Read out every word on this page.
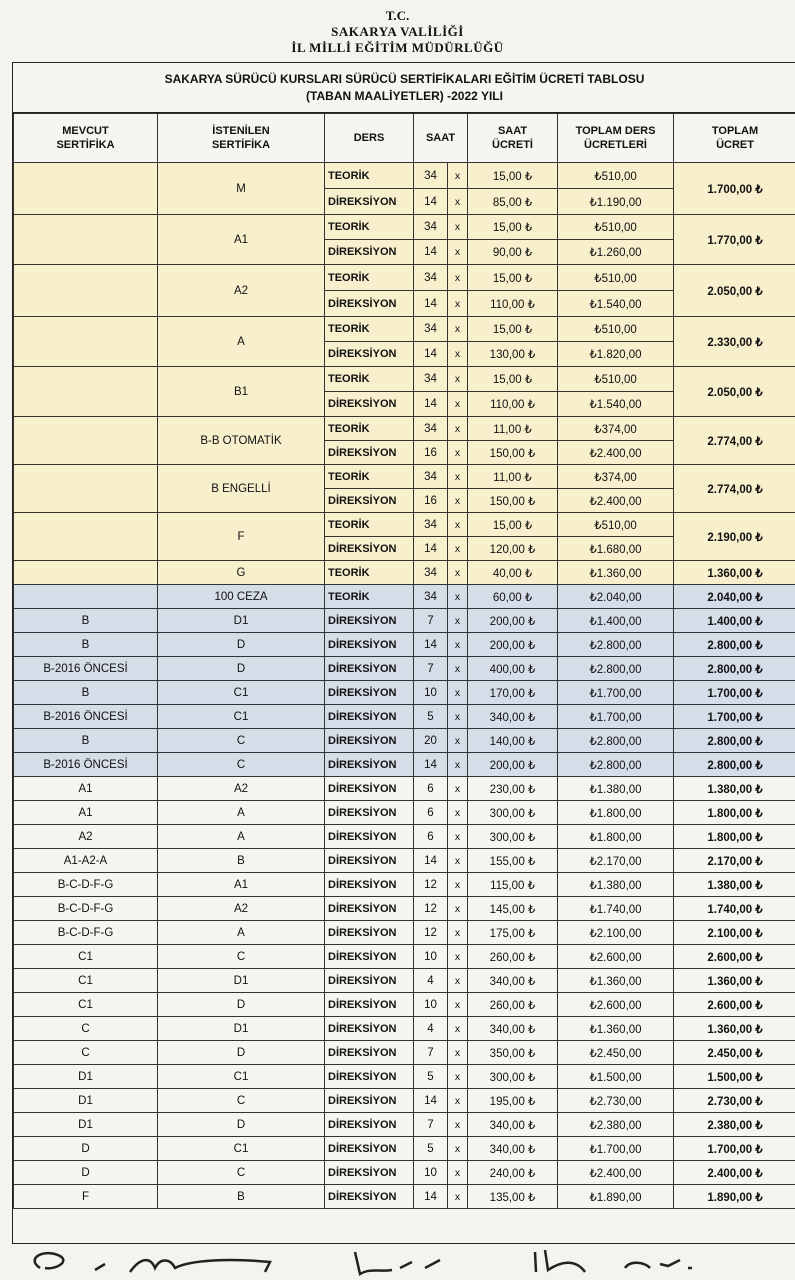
T.C.
SAKARYA VALİLİĞİ
İL MİLLİ EĞİTİM MÜDÜRLÜĞÜ
SAKARYA SÜRÜCÜ KURSLARI SÜRÜCÜ SERTİFİKALARI EĞİTİM ÜCRETİ TABLOSU
(TABAN MAALİYETLER) -2022 YILI
MEVCUT SERTİFİKA	İSTENİLEN SERTİFİKA	DERS	SAAT		SAAT ÜCRETİ	TOPLAM DERS ÜCRETLERİ	TOPLAM ÜCRET
	M	TEORİK	34	x	15,00 ₺	₺510,00	1.700,00 ₺
		DİREKSİYON	14	x	85,00 ₺	₺1.190,00	
	A1	TEORİK	34	x	15,00 ₺	₺510,00	1.770,00 ₺
		DİREKSİYON	14	x	90,00 ₺	₺1.260,00	
	A2	TEORİK	34	x	15,00 ₺	₺510,00	2.050,00 ₺
		DİREKSİYON	14	x	110,00 ₺	₺1.540,00	
	A	TEORİK	34	x	15,00 ₺	₺510,00	2.330,00 ₺
		DİREKSİYON	14	x	130,00 ₺	₺1.820,00	
	B1	TEORİK	34	x	15,00 ₺	₺510,00	2.050,00 ₺
		DİREKSİYON	14	x	110,00 ₺	₺1.540,00	
	B-B OTOMATİK	TEORİK	34	x	11,00 ₺	₺374,00	2.774,00 ₺
		DİREKSİYON	16	x	150,00 ₺	₺2.400,00	
	B ENGELLİ	TEORİK	34	x	11,00 ₺	₺374,00	2.774,00 ₺
		DİREKSİYON	16	x	150,00 ₺	₺2.400,00	
	F	TEORİK	34	x	15,00 ₺	₺510,00	2.190,00 ₺
		DİREKSİYON	14	x	120,00 ₺	₺1.680,00	
	G	TEORİK	34	x	40,00 ₺	₺1.360,00	1.360,00 ₺
	100 CEZA	TEORİK	34	x	60,00 ₺	₺2.040,00	2.040,00 ₺
B	D1	DİREKSİYON	7	x	200,00 ₺	₺1.400,00	1.400,00 ₺
B	D	DİREKSİYON	14	x	200,00 ₺	₺2.800,00	2.800,00 ₺
B-2016 ÖNCESİ	D	DİREKSİYON	7	x	400,00 ₺	₺2.800,00	2.800,00 ₺
B	C1	DİREKSİYON	10	x	170,00 ₺	₺1.700,00	1.700,00 ₺
B-2016 ÖNCESİ	C1	DİREKSİYON	5	x	340,00 ₺	₺1.700,00	1.700,00 ₺
B	C	DİREKSİYON	20	x	140,00 ₺	₺2.800,00	2.800,00 ₺
B-2016 ÖNCESİ	C	DİREKSİYON	14	x	200,00 ₺	₺2.800,00	2.800,00 ₺
A1	A2	DİREKSİYON	6	x	230,00 ₺	₺1.380,00	1.380,00 ₺
A1	A	DİREKSİYON	6	x	300,00 ₺	₺1.800,00	1.800,00 ₺
A2	A	DİREKSİYON	6	x	300,00 ₺	₺1.800,00	1.800,00 ₺
A1-A2-A	B	DİREKSİYON	14	x	155,00 ₺	₺2.170,00	2.170,00 ₺
B-C-D-F-G	A1	DİREKSİYON	12	x	115,00 ₺	₺1.380,00	1.380,00 ₺
B-C-D-F-G	A2	DİREKSİYON	12	x	145,00 ₺	₺1.740,00	1.740,00 ₺
B-C-D-F-G	A	DİREKSİYON	12	x	175,00 ₺	₺2.100,00	2.100,00 ₺
C1	C	DİREKSİYON	10	x	260,00 ₺	₺2.600,00	2.600,00 ₺
C1	D1	DİREKSİYON	4	x	340,00 ₺	₺1.360,00	1.360,00 ₺
C1	D	DİREKSİYON	10	x	260,00 ₺	₺2.600,00	2.600,00 ₺
C	D1	DİREKSİYON	4	x	340,00 ₺	₺1.360,00	1.360,00 ₺
C	D	DİREKSİYON	7	x	350,00 ₺	₺2.450,00	2.450,00 ₺
D1	C1	DİREKSİYON	5	x	300,00 ₺	₺1.500,00	1.500,00 ₺
D1	C	DİREKSİYON	14	x	195,00 ₺	₺2.730,00	2.730,00 ₺
D1	D	DİREKSİYON	7	x	340,00 ₺	₺2.380,00	2.380,00 ₺
D	C1	DİREKSİYON	5	x	340,00 ₺	₺1.700,00	1.700,00 ₺
D	C	DİREKSİYON	10	x	240,00 ₺	₺2.400,00	2.400,00 ₺
F	B	DİREKSİYON	14	x	135,00 ₺	₺1.890,00	1.890,00 ₺
